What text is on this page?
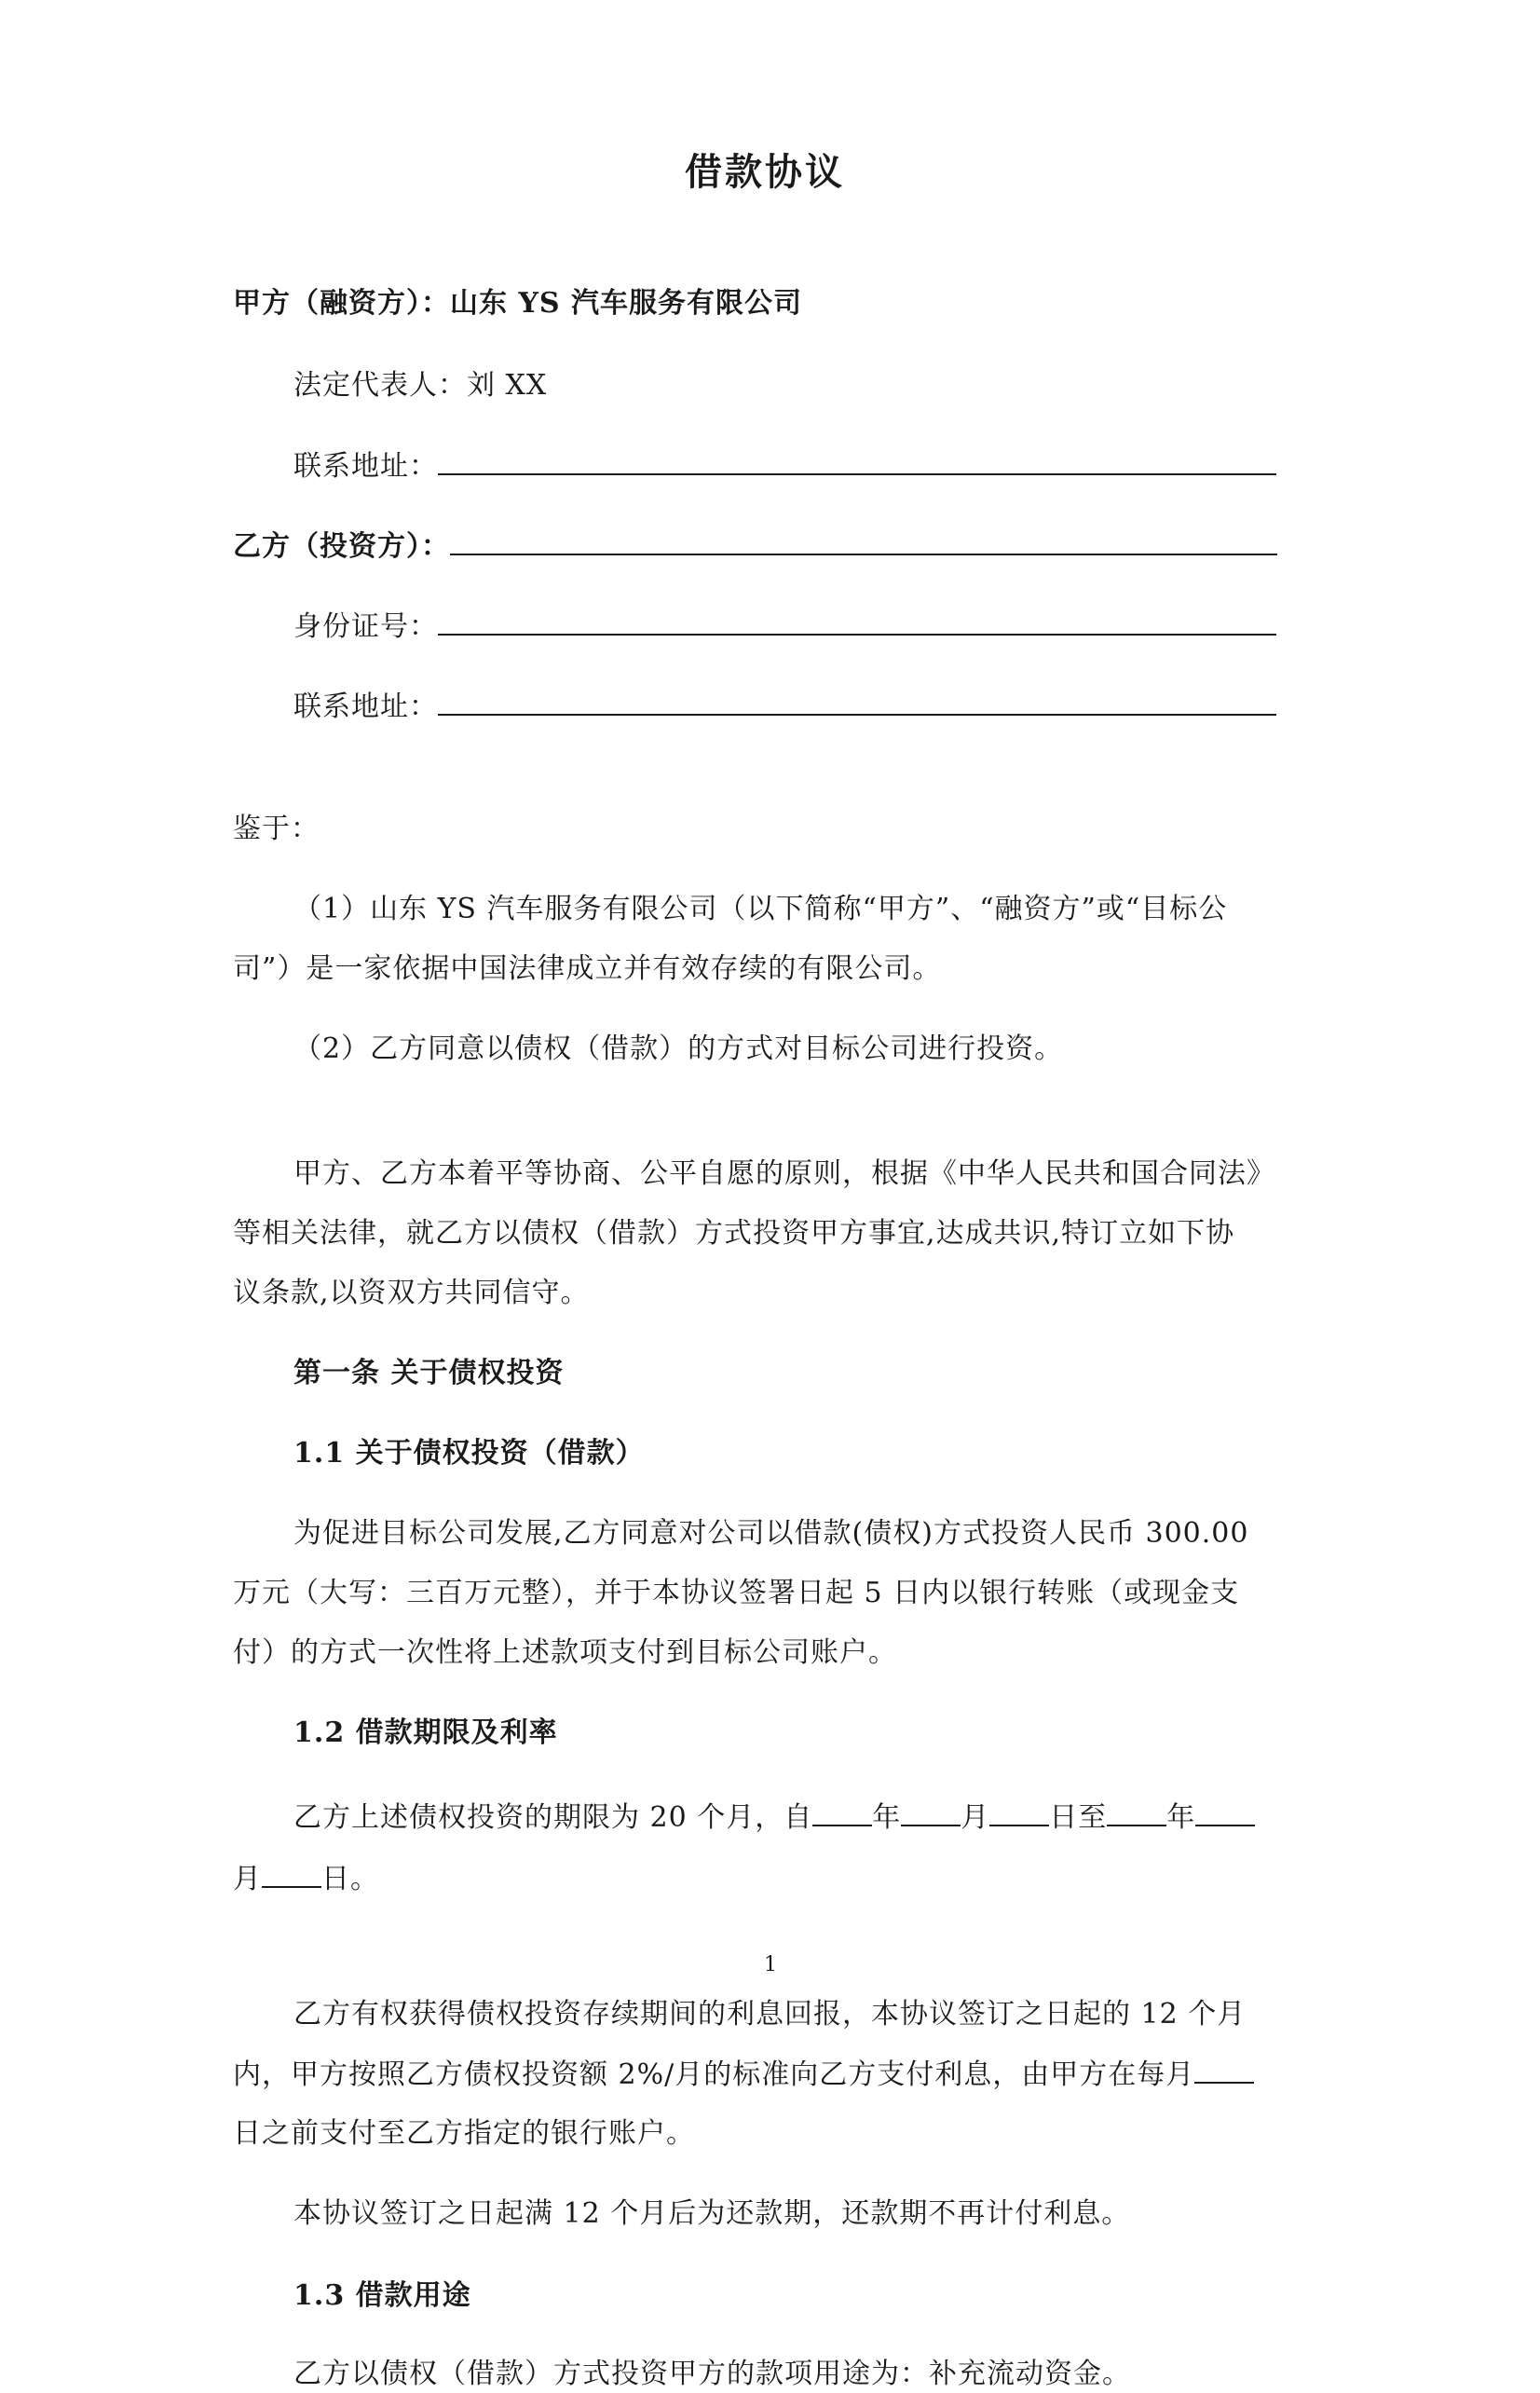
借款协议
甲方（融资方）：山东 YS 汽车服务有限公司
法定代表人：刘 XX
联系地址：
乙方（投资方）：
身份证号：
联系地址：
鉴于：
（1）山东 YS 汽车服务有限公司（以下简称“甲方”、“融资方”或“目标公
司”）是一家依据中国法律成立并有效存续的有限公司。
（2）乙方同意以债权（借款）的方式对目标公司进行投资。
甲方、乙方本着平等协商、公平自愿的原则，根据《中华人民共和国合同法》
等相关法律，就乙方以债权（借款）方式投资甲方事宜,达成共识,特订立如下协
议条款,以资双方共同信守。
第一条 关于债权投资
1.1 关于债权投资（借款）
为促进目标公司发展,乙方同意对公司以借款(债权)方式投资人民币 300.00
万元（大写：三百万元整），并于本协议签署日起 5 日内以银行转账（或现金支
付）的方式一次性将上述款项支付到目标公司账户。
1.2 借款期限及利率
乙方上述债权投资的期限为 20 个月，自 年 月 日至 年
月 日。
1
乙方有权获得债权投资存续期间的利息回报，本协议签订之日起的 12 个月
内，甲方按照乙方债权投资额 2%/月的标准向乙方支付利息，由甲方在每月
日之前支付至乙方指定的银行账户。
本协议签订之日起满 12 个月后为还款期，还款期不再计付利息。
1.3 借款用途
乙方以债权（借款）方式投资甲方的款项用途为：补充流动资金。
